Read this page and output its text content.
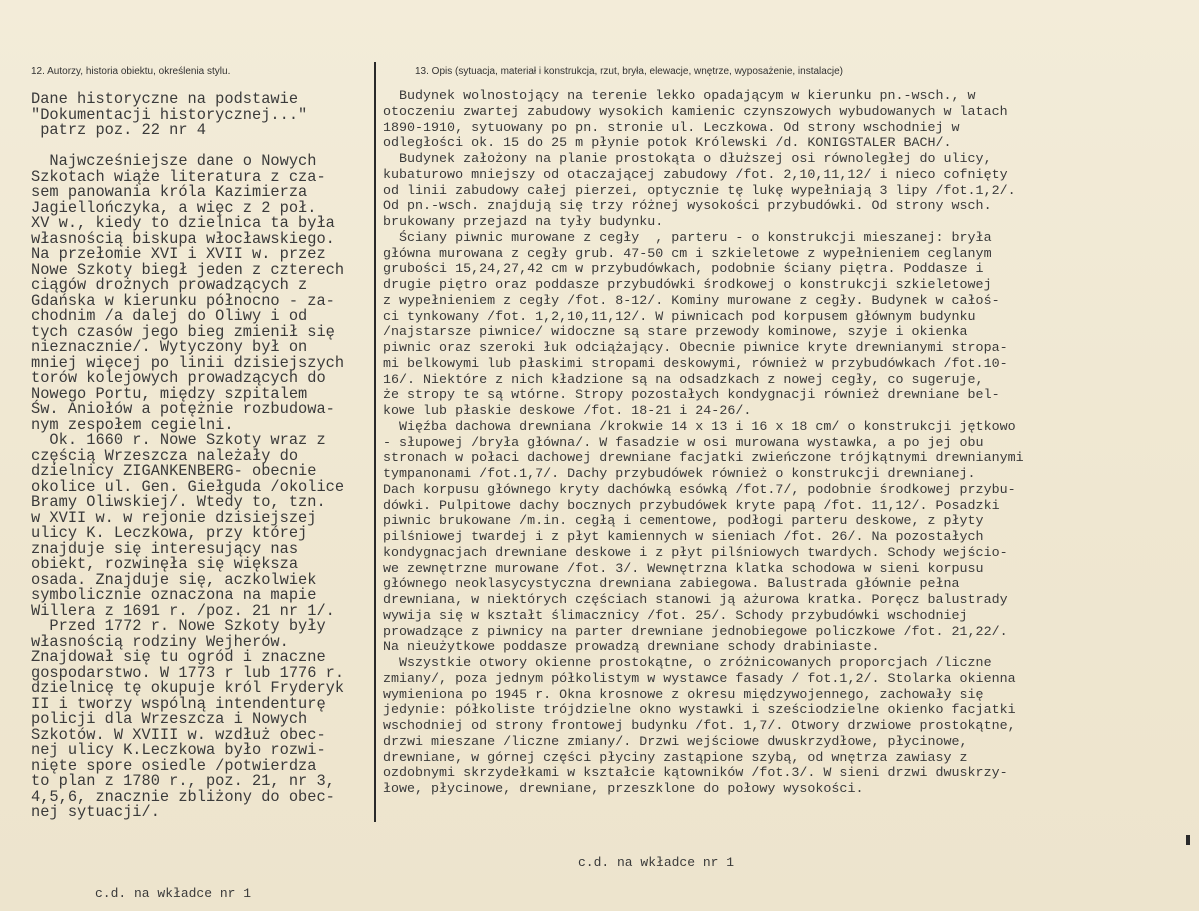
12. Autorzy, historia obiektu, określenia stylu.	13. Opis (sytuacja, materiał i konstrukcja, rzut, bryła, elewacje, wnętrze, wyposażenie, instalacje)
Dane historyczne na podstawie
"Dokumentacji historycznej..."
patrz poz. 22 nr 4

Najwcześniejsze dane o Nowych
Szkotach wiąże literatura z cza-
sem panowania króla Kazimierza
Jagiellończyka, a więc z 2 poł.
XV w., kiedy to dzielnica ta była
własnością biskupa włocławskiego.
Na przełomie XVI i XVII w. przez
Nowe Szkoty biegł jeden z czterech
ciągów drożnych prowadzących z
Gdańska w kierunku północno - za-
chodnim /a dalej do Oliwy i od
tych czasów jego bieg zmienił się
nieznacznie/. Wytyczony był on
mniej więcej po linii dzisiejszych
torów kolejowych prowadzących do
Nowego Portu, między szpitalem
Św. Aniołów a potężnie rozbudowa-
nym zespołem cegielni.
Ok. 1660 r. Nowe Szkoty wraz z
częścią Wrzeszcza należały do
dzielnicy ZIGANKENBERG- obecnie
okolice ul. Gen. Giełguda /okolice
Bramy Oliwskiej/. Wtedy to, tzn.
w XVII w. w rejonie dzisiejszej
ulicy K. Leczkowa, przy której
znajduje się interesujący nas
obiekt, rozwinęła się większa
osada. Znajduje się, aczkolwiek
symbolicznie oznaczona na mapie
Willera z 1691 r. /poz. 21 nr 1/.
Przed 1772 r. Nowe Szkoty były
własnością rodziny Wejherów.
Znajdował się tu ogród i znaczne
gospodarstwo. W 1773 r lub 1776 r.
dzielnicę tę okupuje król Fryderyk
II i tworzy wspólną intendenturę
policji dla Wrzeszcza i Nowych
Szkotów. W XVIII w. wzdłuż obec-
nej ulicy K.Leczkowa było rozwi-
nięte spore osiedle /potwierdza
to plan z 1780 r., poz. 21, nr 3,
4,5,6, znacznie zbliżony do obec-
nej sytuacji/.
Budynek wolnostojący na terenie lekko opadającym w kierunku pn.-wsch., w
otoczeniu zwartej zabudowy wysokich kamienic czynszowych wybudowanych w latach
1890-1910, sytuowany po pn. stronie ul. Leczkowa. Od strony wschodniej w
odległości ok. 15 do 25 m płynie potok Królewski /d. KONIGSTALER BACH/.
Budynek założony na planie prostokąta o dłuższej osi równoległej do ulicy,
kubaturowo mniejszy od otaczającej zabudowy /fot. 2,10,11,12/ i nieco cofnięty
od linii zabudowy całej pierzei, optycznie tę lukę wypełniają 3 lipy /fot.1,2/.
Od pn.-wsch. znajdują się trzy różnej wysokości przybudówki. Od strony wsch.
brukowany przejazd na tyły budynku.
Ściany piwnic murowane z cegły  , parteru - o konstrukcji mieszanej: bryła
główna murowana z cegły grub. 47-50 cm i szkieletowe z wypełnieniem ceglanym
grubości 15,24,27,42 cm w przybudówkach, podobnie ściany piętra. Poddasze i
drugie piętro oraz poddasze przybudówki środkowej o konstrukcji szkieletowej
z wypełnieniem z cegły /fot. 8-12/. Kominy murowane z cegły. Budynek w całoś-
ci tynkowany /fot. 1,2,10,11,12/. W piwnicach pod korpusem głównym budynku
/najstarsze piwnice/ widoczne są stare przewody kominowe, szyje i okienka
piwnic oraz szeroki łuk odciążający. Obecnie piwnice kryte drewnianymi stropa-
mi belkowymi lub płaskimi stropami deskowymi, również w przybudówkach /fot.10-
16/. Niektóre z nich kładzione są na odsadzkach z nowej cegły, co sugeruje,
że stropy te są wtórne. Stropy pozostałych kondygnacji również drewniane bel-
kowe lub płaskie deskowe /fot. 18-21 i 24-26/.
Więźba dachowa drewniana /krokwie 14 x 13 i 16 x 18 cm/ o konstrukcji jętkowo
- słupowej /bryła główna/. W fasadzie w osi murowana wystawka, a po jej obu
stronach w połaci dachowej drewniane facjatki zwieńczone trójkątnymi drewnianymi
tympanonami /fot.1,7/. Dachy przybudówek również o konstrukcji drewnianej.
Dach korpusu głównego kryty dachówką esówką /fot.7/, podobnie środkowej przybu-
dówki. Pulpitowe dachy bocznych przybudówek kryte papą /fot. 11,12/. Posadzki
piwnic brukowane /m.in. cegłą i cementowe, podłogi parteru deskowe, z płyty
pilśniowej twardej i z płyt kamiennych w sieniach /fot. 26/. Na pozostałych
kondygnacjach drewniane deskowe i z płyt pilśniowych twardych. Schody wejścio-
we zewnętrzne murowane /fot. 3/. Wewnętrzna klatka schodowa w sieni korpusu
głównego neoklasycystyczna drewniana zabiegowa. Balustrada głównie pełna
drewniana, w niektórych częściach stanowi ją ażurowa kratka. Poręcz balustrady
wywija się w kształt ślimacznicy /fot. 25/. Schody przybudówki wschodniej
prowadzące z piwnicy na parter drewniane jednobiegowe policzkowe /fot. 21,22/.
Na nieużytkowe poddasze prowadzą drewniane schody drabiniaste.
Wszystkie otwory okienne prostokątne, o zróżnicowanych proporcjach /liczne
zmiany/, poza jednym półkolistym w wystawce fasady / fot.1,2/. Stolarka okienna
wymieniona po 1945 r. Okna krosnowe z okresu międzywojennego, zachowały się
jedynie: półkoliste trójdzielne okno wystawki i sześciodzielne okienko facjatki
wschodniej od strony frontowej budynku /fot. 1,7/. Otwory drzwiowe prostokątne,
drzwi mieszane /liczne zmiany/. Drzwi wejściowe dwuskrzydłowe, płycinowe,
drewniane, w górnej części płyciny zastąpione szybą, od wnętrza zawiasy z
ozdobnymi skrzydełkami w kształcie kątowników /fot.3/. W sieni drzwi dwuskrzy-
łowe, płycinowe, drewniane, przeszklone do połowy wysokości.
c.d. na wkładce nr 1
c.d. na wkładce nr 1
